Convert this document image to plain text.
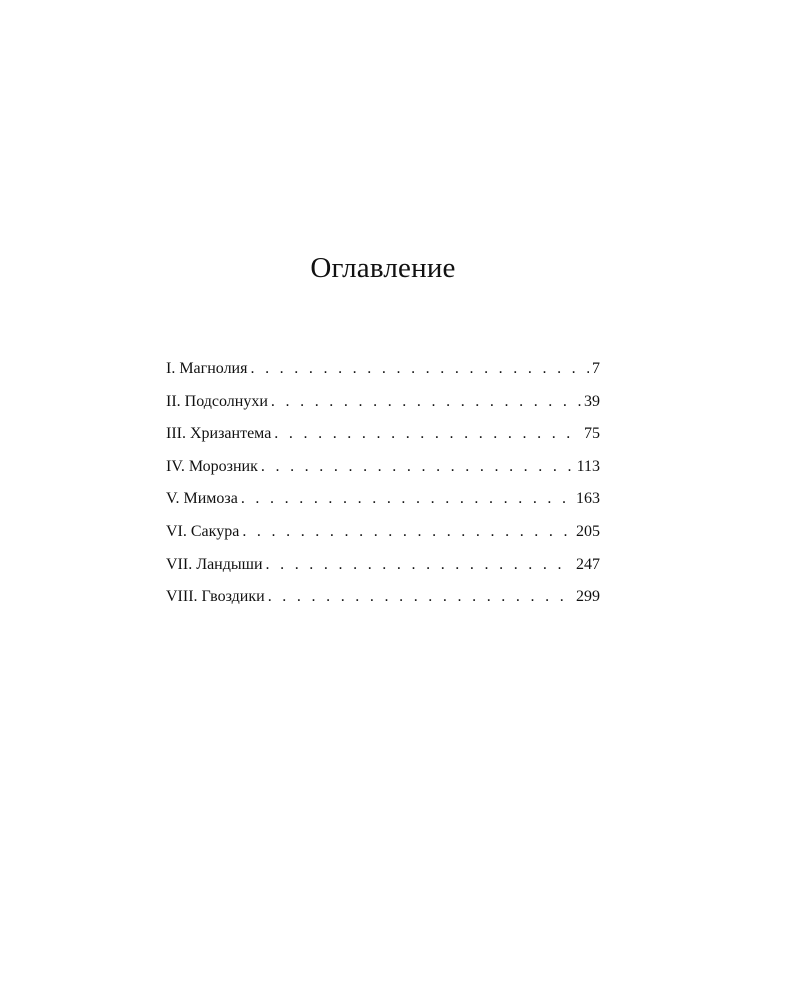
Оглавление
I. Магнолия . . .	7
II. Подсолнухи . . .	39
III. Хризантема . . .	75
IV. Морозник . . .	113
V. Мимоза . . .	163
VI. Сакура . . .	205
VII. Ландыши . . .	247
VIII. Гвоздики . . .	299
